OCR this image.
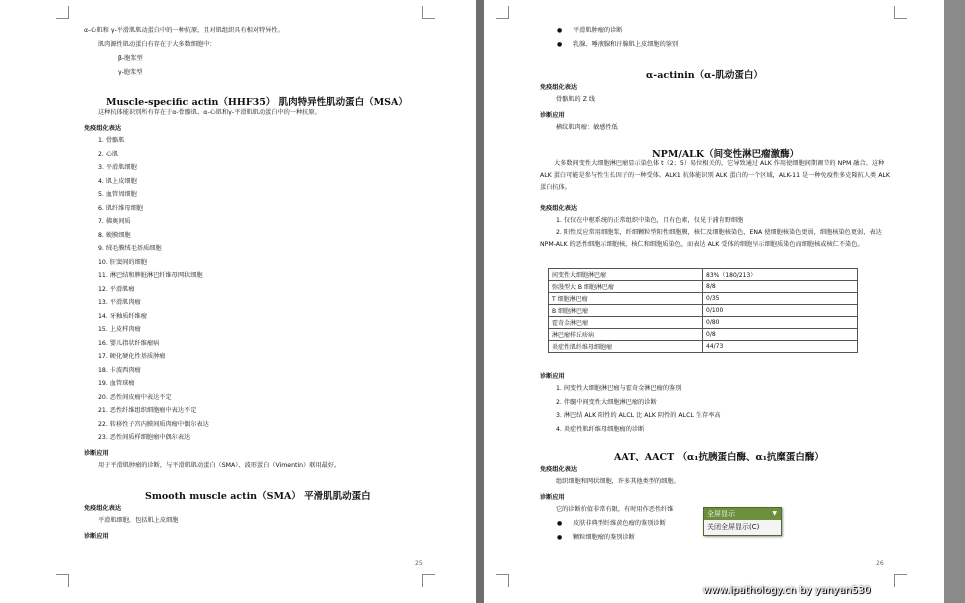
α-心肌和 γ-平滑肌肌动蛋白中的一种抗原，且对肌组织具有相对特异性。
肌肉源性肌动蛋白有存在于大多数细胞中：
β-胞浆型
γ-胞浆型
Muscle-specific actin（HHF35） 肌肉特异性肌动蛋白（MSA）
这种抗体能识别所有存在于α-骨骼肌、α-心肌和γ-平滑肌肌动蛋白中的一种抗原。
免疫组化表达
1. 骨骼肌
2. 心肌
3. 平滑肌细胞
4. 肌上皮细胞
5. 血管周细胞
6. 肌纤维母细胞
7. 佛奥间质
8. 蜕膜细胞
9. 绒毛膜绒毛基质细胞
10. 肝窦间的细胞
11. 淋巴结和脾脏淋巴纤维母网状细胞
12. 平滑肌瘤
13. 平滑肌肉瘤
14. 牙釉质纤维瘤
15. 上皮样肉瘤
16. 婴儿指状纤维瘤病
17. 硬化硬化性基质肿瘤
18. 卡波西肉瘤
19. 血管球瘤
20. 恶性间皮瘤中表达不定
21. 恶性纤维组织细胞瘤中表达不定
22. 转移性子宫内膜间质肉瘤中偶尔表达
23. 恶性间质样细胞瘤中偶尔表达
诊断应用
用于平滑肌肿瘤的诊断，与平滑肌肌动蛋白（SMA）、波形蛋白（Vimentin）联用最好。
Smooth muscle actin（SMA） 平滑肌肌动蛋白
免疫组化表达
平滑肌细胞，包括肌上皮细胞
诊断应用
25
● 平滑肌肿瘤的诊断
● 乳腺、唾液腺和汗腺肌上皮细胞的鉴别
α-actinin（α-肌动蛋白）
免疫组化表达
骨骼肌的 Z 线
诊断应用
横纹肌肉瘤：敏感性低
NPM/ALK（间变性淋巴瘤激酶）
大多数间变性大细胞淋巴瘤显示染色体 t（2；5）易位相关的，它导致通过 ALK 作用使细胞间期调节的 NPM 融合。这种 ALK 蛋白可能是参与性生长因子的一种受体。ALK1 抗体能识别 ALK 蛋白的一个区域，ALK-11 是一种免疫性多克隆抗人类 ALK 蛋白抗体。
免疫组化表达
1. 仅仅在中枢系统的正常组织中染色，且有色素，仅见于浦肯野细胞
2. 阳性反应常用细胞浆，纤细颗粒型阳性细胞膜，核仁及细胞核染色，ENA 使细胞核染色更弱，细胞核染色更弱，表达 NPM-ALK 的恶性细胞示细胞核，核仁和细胞质染色，而表达 ALK 受体的细胞呈示细胞质染色而细胞核或核仁不染色。
间变性大细胞淋巴瘤	83%（180/213）
弥漫型大 B 细胞淋巴瘤	8/8
T 细胞淋巴瘤	0/35
B 细胞淋巴瘤	0/100
霍奇金淋巴瘤	0/80
淋巴瘤样丘疹病	0/8
炎症性肌纤维母细胞瘤	44/73
诊断应用
1. 间变性大细胞淋巴瘤与霍奇金淋巴瘤的鉴别
2. 伴髓中间变性大细胞淋巴瘤的诊断
3. 淋巴结 ALK 阳性的 ALCL 比 ALK 阴性的 ALCL 生存率高
4. 炎症性肌纤维母细胞瘤的诊断
AAT、AACT （α₁抗胰蛋白酶、α₁抗糜蛋白酶）
免疫组化表达
组织细胞和网状细胞，许多其他类型的细胞。
诊断应用
它的诊断价值非常有限，有时用作恶性纤维
● 皮肤非典型纤维黄色瘤的鉴别诊断
● 颗粒细胞瘤的鉴别诊断
26
全屏显示	▼
关闭全屏显示(C)
www.ipathology.cn by yanyan530
